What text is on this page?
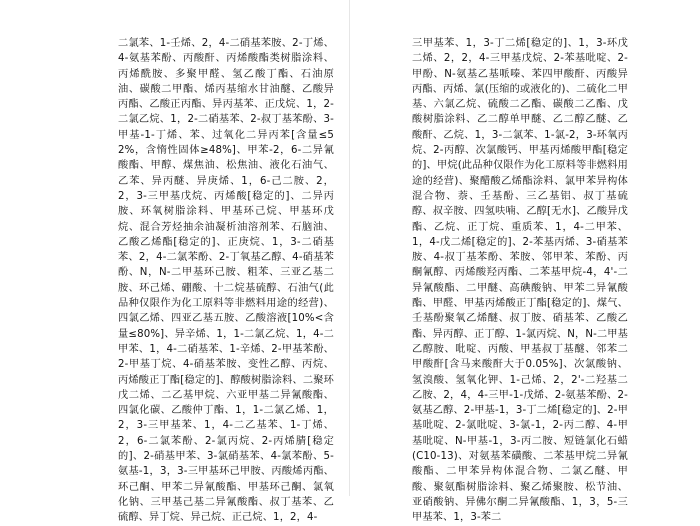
二氯苯、1-壬烯、2，4-二硝基苯胺、2-丁烯、4-氨基苯酚、丙酸酐、丙烯酸酯类树脂涂料、丙烯酰胺、多聚甲醛、氢乙酸丁酯、石油原油、碳酸二甲酯、烯丙基缩水甘油醚、乙酸异丙酯、乙酸正丙酯、异丙基苯、正戊烷、1，2-二氯乙烷、1，2-二硝基苯、2-叔丁基苯酚、3-甲基-1-丁烯、苯、过氧化二异丙苯[含量≤52%，含惰性固体≥48%]、甲苯-2，6-二异氰酸酯、甲醇、煤焦油、松焦油、液化石油气、乙苯、异丙醚、异庚烯、1，6-己二胺、2，2，3-三甲基戊烷、丙烯酸[稳定的]、二异丙胺、环氧树脂涂料、甲基环己烷、甲基环戊烷、混合芳烃抽余油凝析油溶剂苯、石脑油、乙酸乙烯酯[稳定的]、正庚烷、1，3-二硝基苯、2，4-二氯苯酚、2-丁氧基乙醇、4-硝基苯酚、N，N-二甲基环己胺、粗苯、三亚乙基二胺、环己烯、硼酸、十二烷基硫醇、石油气(此品种仅限作为化工原料等非燃料用途的经营)、四氯乙烯、四亚乙基五胺、乙酸溶液[10%<含量≤80%]、异辛烯、1，1-二氯乙烷、1，4-二甲苯、1，4-二硝基苯、1-辛烯、2-甲基苯酚、2-甲基丁烷、4-硝基苯胺、变性乙醇、丙烷、丙烯酸正丁酯[稳定的]、醇酸树脂涂料、二聚环戊二烯、二乙基甲烷、六亚甲基二异氰酸酯、四氯化碳、乙酸仲丁酯、1，1-二氯乙烯、1，2，3-三甲基苯、1，4-二乙基苯、1-丁烯、2，6-二氯苯酚、2-氯丙烷、2-丙烯腈[稳定的]、2-硝基甲苯、3-氯硝基苯、4-氯苯酚、5-氨基-1，3，3-三甲基环己甲胺、丙酸烯丙酯、环己酮、甲苯二异氰酸酯、甲基环己酮、氯氧化钠、三甲基己基二异氰酸酯、叔丁基苯、乙硫醇、异丁烷、异己烷、正己烷、1，2，4-

三甲基苯、1，3-丁二烯[稳定的]、1，3-环戊二烯、2，2，4-三甲基戊烷、2-苯基吡啶、2-甲酚、N-氨基乙基哌嗪、苯四甲酸酐、丙酸异丙酯、丙烯、氯(压缩的或液化的)、二硫化二甲基、六氯乙烷、硫酸二乙酯、碳酸二乙酯、戊酸树脂涂料、乙二醇单甲醚、乙二醇乙醚、乙酸酐、乙烷、1，3-二氯苯、1-氯-2，3-环氧丙烷、2-丙醇、次氯酸钙、甲基丙烯酸甲酯[稳定的]、甲烷(此品种仅限作为化工原料等非燃料用途的经营)、聚醋酸乙烯酯涂料、氯甲苯异构体混合物、萘、壬基酚、三乙基铝、叔丁基硫醇、叔辛胺、四氢呋喃、乙醇[无水]、乙酸异戊酯、乙烷、正丁烷、重质苯、1，4-二甲苯、1，4-戊二烯[稳定的]、2-苯基丙烯、3-硝基苯胺、4-叔丁基苯酚、苯胺、邻甲苯、苯酚、丙酮氰醇、丙烯酸羟丙酯、二苯基甲烷-4，4'-二异氰酸酯、二甲醚、高碘酸钠、甲苯二异氰酸酯、甲醛、甲基丙烯酸正丁酯[稳定的]、煤气、壬基酚聚氧乙烯醚、叔丁胺、硝基苯、乙酸乙酯、异丙醇、正丁醇、1-氯丙烷、N，N-二甲基乙醇胺、吡啶、丙酸、甲基叔丁基醚、邻苯二甲酸酐[含马来酸酐大于0.05%]、次氯酸钠、氢溴酸、氢氧化钾、1-己烯、2，2'-二羟基二乙胺、2，4，4-三甲-1-戊烯、2-氨基苯酚、2-氨基乙醇、2-甲基-1，3-丁二烯[稳定的]、2-甲基吡啶、2-氯吡啶、3-氯-1，2-丙二醇、4-甲基吡啶、N-甲基-1，3-丙二胺、短链氯化石蜡(C10-13)、对氨基苯磺酸、二苯基甲烷二异氰酸酯、二甲苯异构体混合物、二氯乙醚、甲酸、聚氨酯树脂涂料、聚乙烯聚胺、松节油、亚硝酸钠、异佛尔酮二异氰酸酯、1，3，5-三甲基苯、1，3-苯二
